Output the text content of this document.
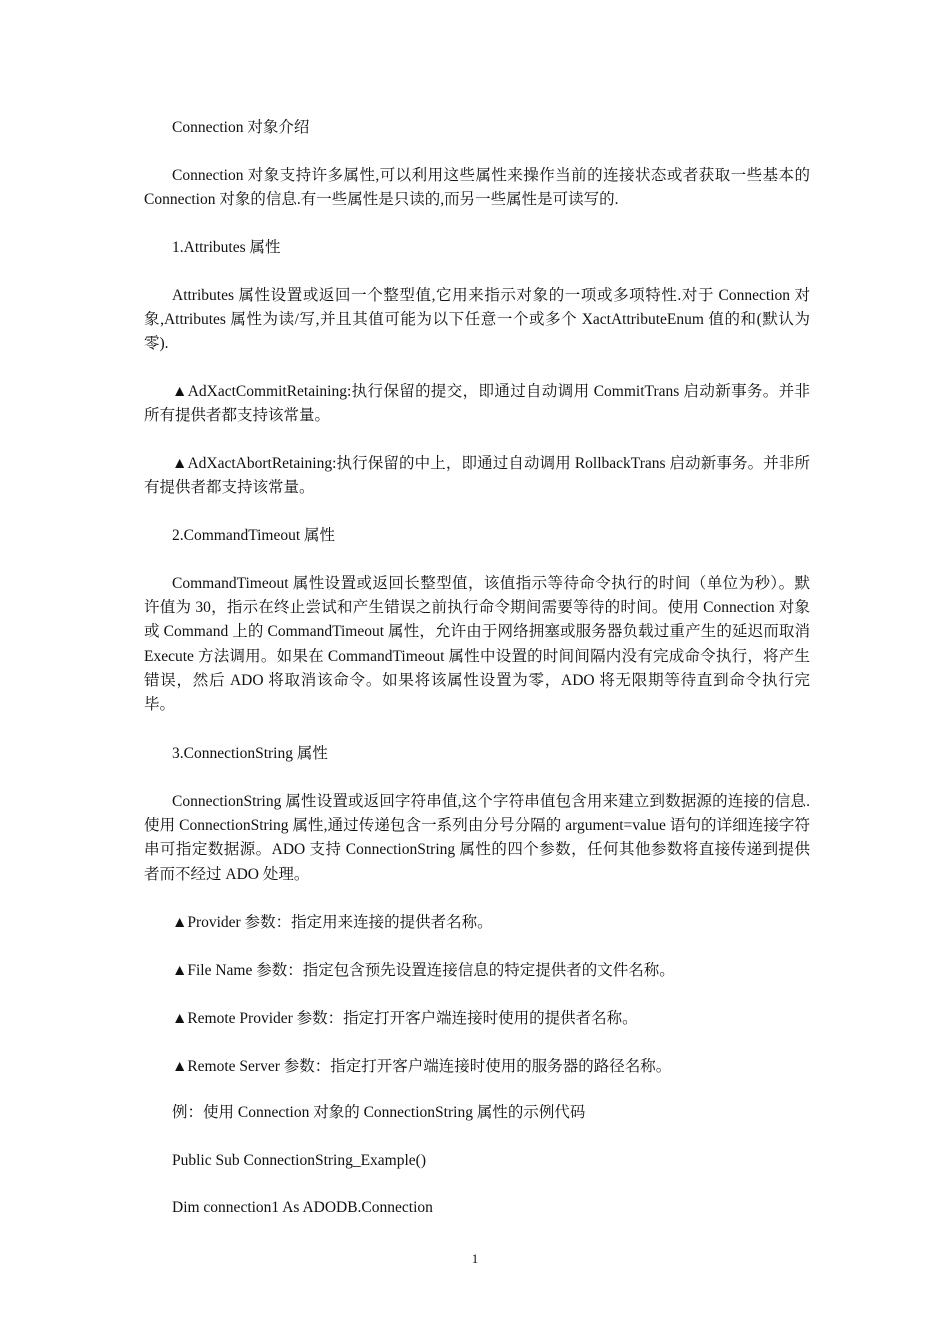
Connection 对象介绍

Connection 对象支持许多属性,可以利用这些属性来操作当前的连接状态或者获取一些基本的 Connection 对象的信息.有一些属性是只读的,而另一些属性是可读写的.

1.Attributes 属性

Attributes 属性设置或返回一个整型值,它用来指示对象的一项或多项特性.对于 Connection 对象,Attributes 属性为读/写,并且其值可能为以下任意一个或多个 XactAttributeEnum 值的和(默认为零).

▲AdXactCommitRetaining:执行保留的提交，即通过自动调用 CommitTrans 启动新事务。并非所有提供者都支持该常量。

▲AdXactAbortRetaining:执行保留的中上，即通过自动调用 RollbackTrans 启动新事务。并非所有提供者都支持该常量。

2.CommandTimeout 属性

CommandTimeout 属性设置或返回长整型值，该值指示等待命令执行的时间（单位为秒）。默许值为 30，指示在终止尝试和产生错误之前执行命令期间需要等待的时间。使用 Connection 对象或 Command 上的 CommandTimeout 属性，允许由于网络拥塞或服务器负载过重产生的延迟而取消 Execute 方法调用。如果在 CommandTimeout 属性中设置的时间间隔内没有完成命令执行，将产生错误，然后 ADO 将取消该命令。如果将该属性设置为零，ADO 将无限期等待直到命令执行完毕。

3.ConnectionString 属性

ConnectionString 属性设置或返回字符串值,这个字符串值包含用来建立到数据源的连接的信息.使用 ConnectionString 属性,通过传递包含一系列由分号分隔的 argument=value 语句的详细连接字符串可指定数据源。ADO 支持 ConnectionString 属性的四个参数，任何其他参数将直接传递到提供者而不经过 ADO 处理。

▲Provider 参数：指定用来连接的提供者名称。

▲File Name 参数：指定包含预先设置连接信息的特定提供者的文件名称。

▲Remote Provider 参数：指定打开客户端连接时使用的提供者名称。

▲Remote Server 参数：指定打开客户端连接时使用的服务器的路径名称。

例：使用 Connection 对象的 ConnectionString 属性的示例代码

Public Sub ConnectionString_Example()

Dim connection1 As ADODB.Connection

1
